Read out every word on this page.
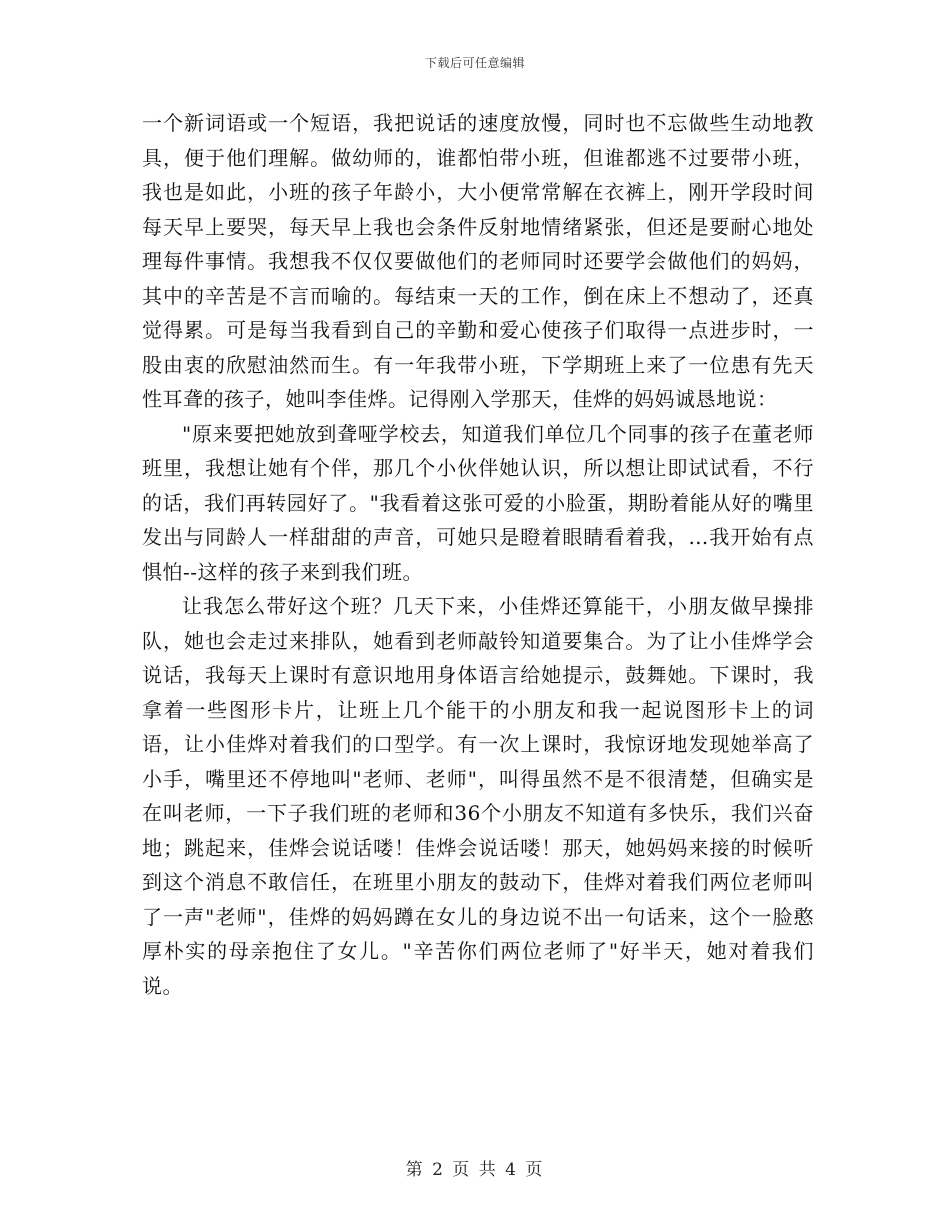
下载后可任意编辑

一个新词语或一个短语，我把说话的速度放慢，同时也不忘做些生动地教具，便于他们理解。做幼师的，谁都怕带小班，但谁都逃不过要带小班，我也是如此，小班的孩子年龄小，大小便常常解在衣裤上，刚开学段时间每天早上要哭，每天早上我也会条件反射地情绪紧张，但还是要耐心地处理每件事情。我想我不仅仅要做他们的老师同时还要学会做他们的妈妈，其中的辛苦是不言而喻的。每结束一天的工作，倒在床上不想动了，还真觉得累。可是每当我看到自己的辛勤和爱心使孩子们取得一点进步时，一股由衷的欣慰油然而生。有一年我带小班，下学期班上来了一位患有先天性耳聋的孩子，她叫李佳烨。记得刚入学那天，佳烨的妈妈诚恳地说：

"原来要把她放到聋哑学校去，知道我们单位几个同事的孩子在董老师班里，我想让她有个伴，那几个小伙伴她认识，所以想让即试试看，不行的话，我们再转园好了。"我看着这张可爱的小脸蛋，期盼着能从好的嘴里发出与同龄人一样甜甜的声音，可她只是瞪着眼睛看着我，…我开始有点惧怕--这样的孩子来到我们班。

让我怎么带好这个班？几天下来，小佳烨还算能干，小朋友做早操排队，她也会走过来排队，她看到老师敲铃知道要集合。为了让小佳烨学会说话，我每天上课时有意识地用身体语言给她提示，鼓舞她。下课时，我拿着一些图形卡片，让班上几个能干的小朋友和我一起说图形卡上的词语，让小佳烨对着我们的口型学。有一次上课时，我惊讶地发现她举高了小手，嘴里还不停地叫"老师、老师"，叫得虽然不是不很清楚，但确实是在叫老师，一下子我们班的老师和36个小朋友不知道有多快乐，我们兴奋地；跳起来，佳烨会说话喽！佳烨会说话喽！那天，她妈妈来接的时候听到这个消息不敢信任，在班里小朋友的鼓动下，佳烨对着我们两位老师叫了一声"老师"，佳烨的妈妈蹲在女儿的身边说不出一句话来，这个一脸憨厚朴实的母亲抱住了女儿。"辛苦你们两位老师了"好半天，她对着我们说。

第 2 页 共 4 页
